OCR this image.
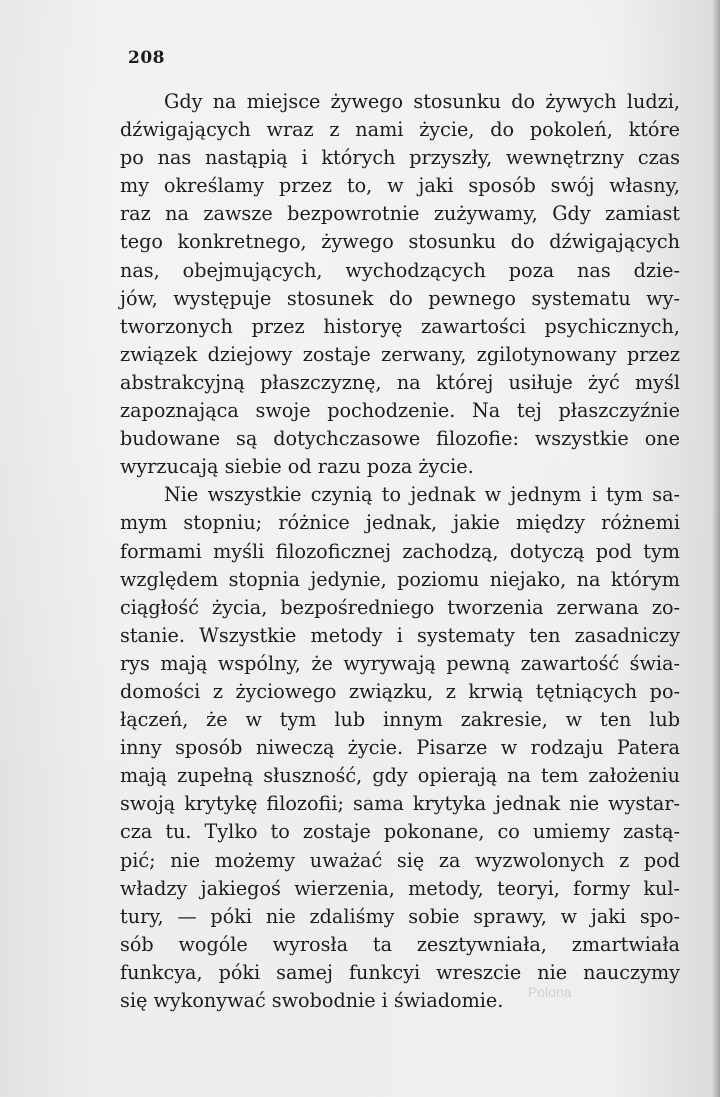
208
Gdy na miejsce żywego stosunku do żywych ludzi,
dźwigających wraz z nami życie, do pokoleń, które
po nas nastąpią i których przyszły, wewnętrzny czas
my określamy przez to, w jaki sposób swój własny,
raz na zawsze bezpowrotnie zużywamy, Gdy zamiast
tego konkretnego, żywego stosunku do dźwigających
nas, obejmujących, wychodzących poza nas dzie-
jów, występuje stosunek do pewnego systematu wy-
tworzonych przez historyę zawartości psychicznych,
związek dziejowy zostaje zerwany, zgilotynowany przez
abstrakcyjną płaszczyznę, na której usiłuje żyć myśl
zapoznająca swoje pochodzenie. Na tej płaszczyźnie
budowane są dotychczasowe filozofie: wszystkie one
wyrzucają siebie od razu poza życie.
Nie wszystkie czynią to jednak w jednym i tym sa-
mym stopniu; różnice jednak, jakie między różnemi
formami myśli filozoficznej zachodzą, dotyczą pod tym
względem stopnia jedynie, poziomu niejako, na którym
ciągłość życia, bezpośredniego tworzenia zerwana zo-
stanie. Wszystkie metody i systematy ten zasadniczy
rys mają wspólny, że wyrywają pewną zawartość świa-
domości z życiowego związku, z krwią tętniących po-
łączeń, że w tym lub innym zakresie, w ten lub
inny sposób niweczą życie. Pisarze w rodzaju Patera
mają zupełną słuszność, gdy opierają na tem założeniu
swoją krytykę filozofii; sama krytyka jednak nie wystar-
cza tu. Tylko to zostaje pokonane, co umiemy zastą-
pić; nie możemy uważać się za wyzwolonych z pod
władzy jakiegoś wierzenia, metody, teoryi, formy kul-
tury, — póki nie zdaliśmy sobie sprawy, w jaki spo-
sób wogóle wyrosła ta zesztywniała, zmartwiała
funkcya, póki samej funkcyi wreszcie nie nauczymy
się wykonywać swobodnie i świadomie.	Polona
